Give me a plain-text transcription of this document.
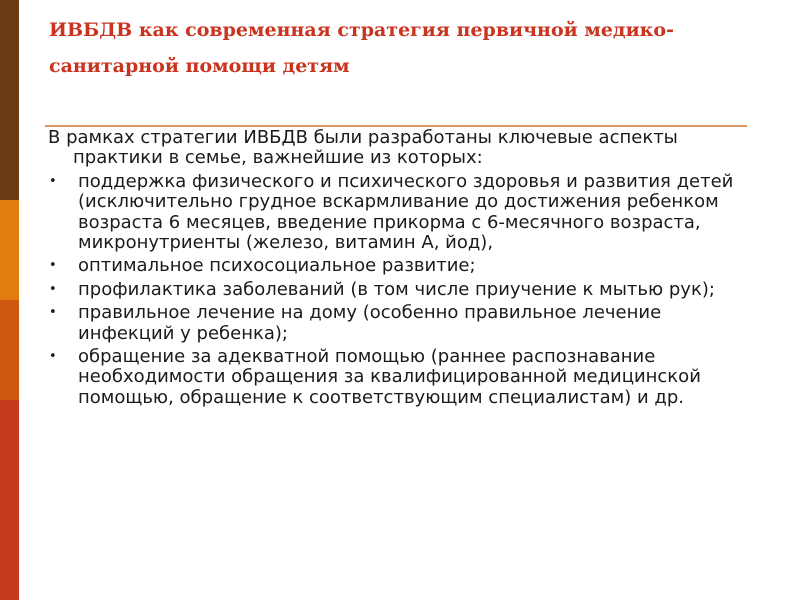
ИВБДВ как современная стратегия первичной медико-санитарной помощи детям

В рамках стратегии ИВБДВ были разработаны ключевые аспекты практики в семье, важнейшие из которых:

• поддержка физического и психического здоровья и развития детей (исключительно грудное вскармливание до достижения ребенком возраста 6 месяцев, введение прикорма с 6-месячного возраста, микронутриенты (железо, витамин А, йод),
• оптимальное психосоциальное развитие;
• профилактика заболеваний (в том числе приучение к мытью рук);
• правильное лечение на дому (особенно правильное лечение инфекций у ребенка);
• обращение за адекватной помощью (раннее распознавание необходимости обращения за квалифицированной медицинской помощью, обращение к соответствующим специалистам) и др.
